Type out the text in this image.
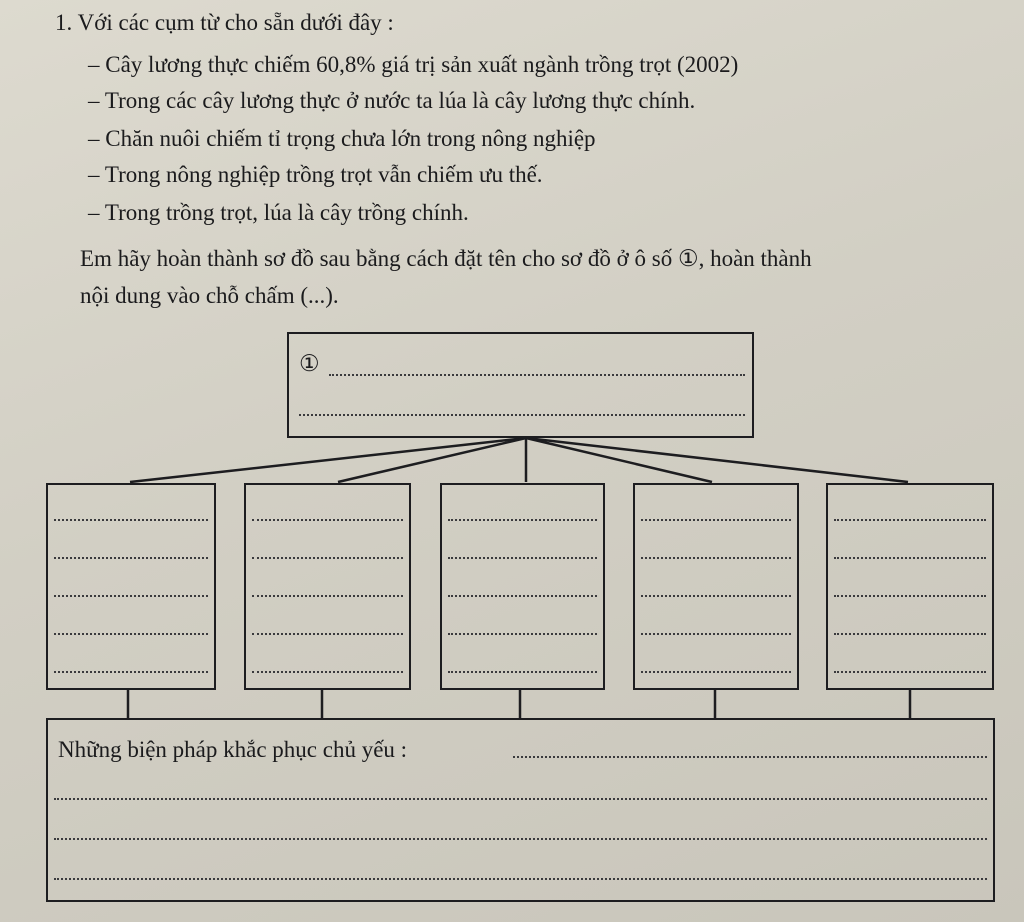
1. Với các cụm từ cho sẵn dưới đây :
– Cây lương thực chiếm 60,8% giá trị sản xuất ngành trồng trọt (2002)
– Trong các cây lương thực ở nước ta lúa là cây lương thực chính.
– Chăn nuôi chiếm tỉ trọng chưa lớn trong nông nghiệp
– Trong nông nghiệp trồng trọt vẫn chiếm ưu thế.
– Trong trồng trọt, lúa là cây trồng chính.
Em hãy hoàn thành sơ đồ sau bằng cách đặt tên cho sơ đồ ở ô số ①, hoàn thành
nội dung vào chỗ chấm (...).
①
Những biện pháp khắc phục chủ yếu :
